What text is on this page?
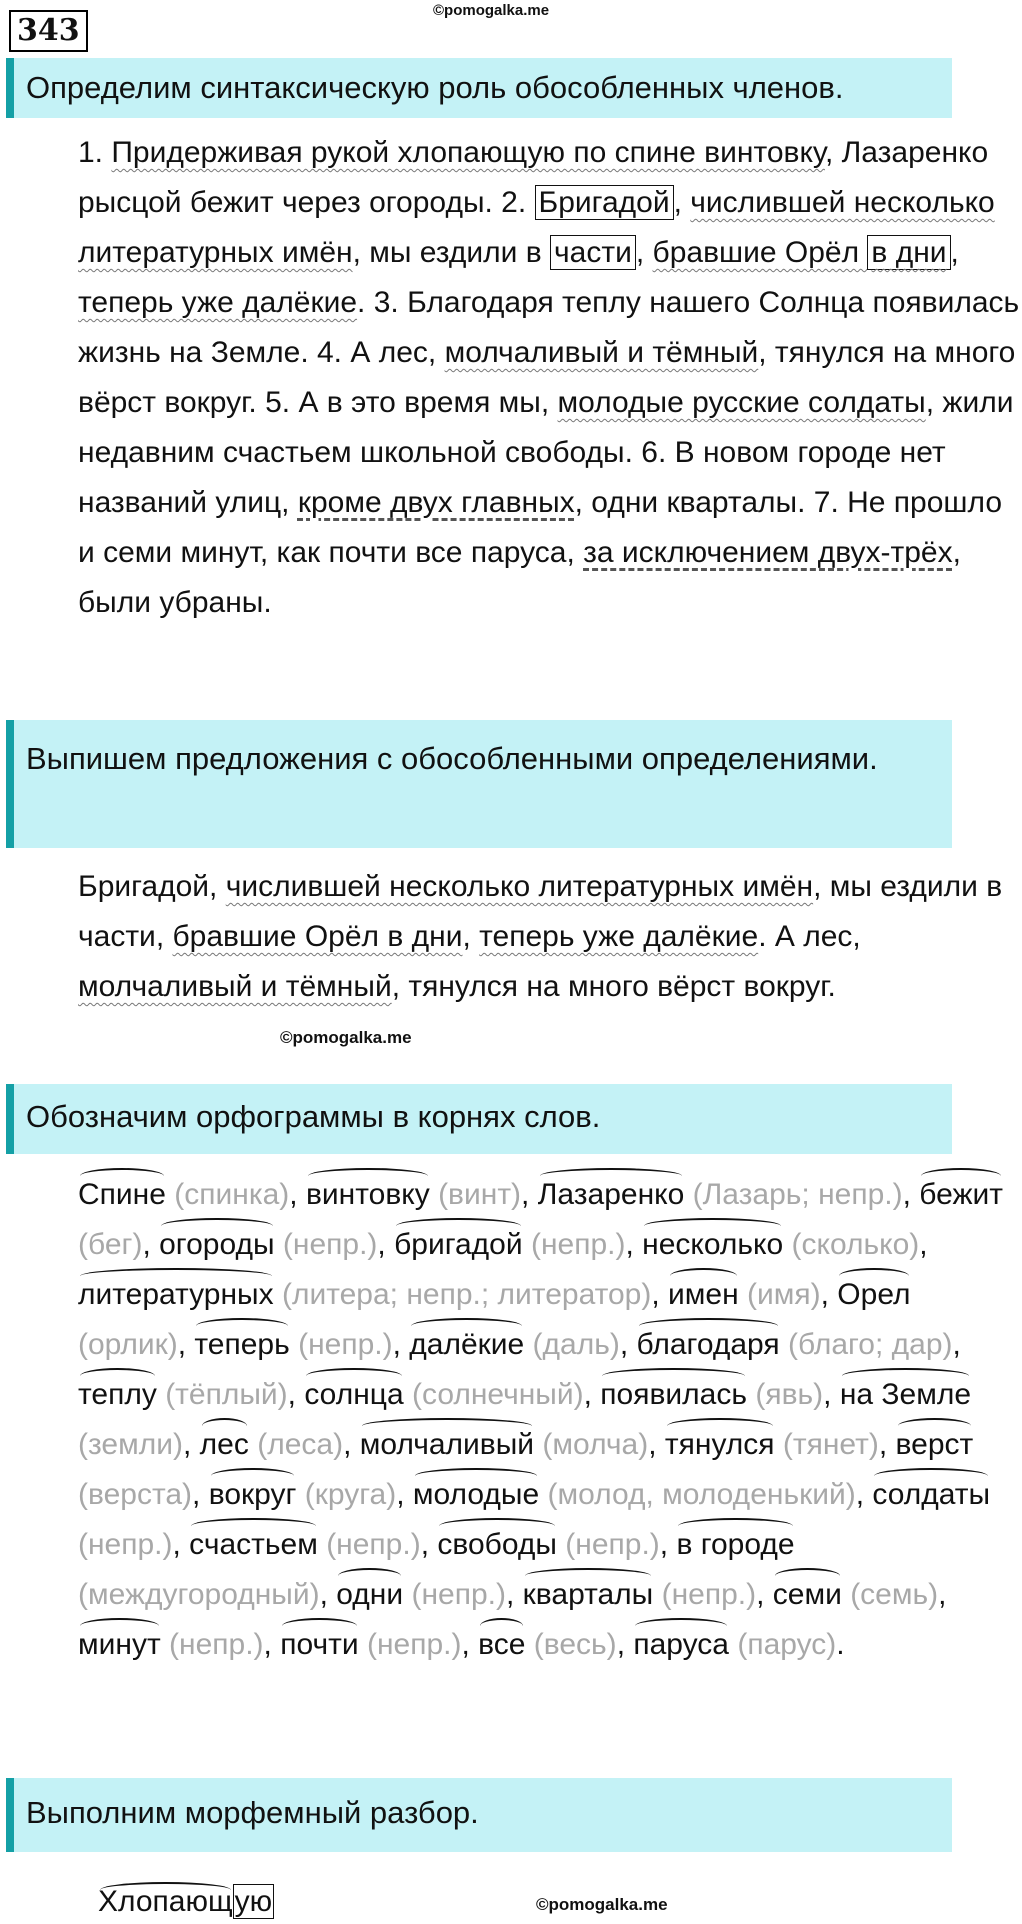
343
©pomogalka.me
Определим синтаксическую роль обособленных членов.

1. Придерживая рукой хлопающую по спине винтовку, Лазаренко рысцой бежит через огороды. 2. Бригадой , числившей несколько литературных имён, мы ездили в части , бравшие Орёл в дни , теперь уже далёкие. 3. Благодаря теплу нашего Солнца появилась жизнь на Земле. 4. А лес, молчаливый и тёмный, тянулся на много вёрст вокруг. 5. А в это время мы, молодые русские солдаты, жили недавним счастьем школьной свободы. 6. В новом городе нет названий улиц, кроме двух главных, одни кварталы. 7. Не прошло и семи минут, как почти все паруса, за исключением двух-трёх, были убраны.

Выпишем предложения с обособленными определениями.

Бригадой, числившей несколько литературных имён, мы ездили в части, бравшие Орёл в дни, теперь уже далёкие. А лес, молчаливый и тёмный, тянулся на много вёрст вокруг.

©pomogalka.me
Обозначим орфограммы в корнях слов.

Спине (спинка), винтовку (винт), Лазаренко (Лазарь; непр.), бежит (бег), огороды (непр.), бригадой (непр.), несколько (сколько), литературных (литера; непр.; литератор), имен (имя), Орел (орлик), теперь (непр.), далёкие (даль), благодаря (благо; дар), теплу (тёплый), солнца (солнечный), появилась (явь), на Земле (земли), лес (леса), молчаливый (молча), тянулся (тянет), верст (верста), вокруг (круга), молодые (молод, молоденький), солдаты (непр.), счастьем (непр.), свободы (непр.), в городе (междугородный), одни (непр.), кварталы (непр.), семи (семь), минут (непр.), почти (непр.), все (весь), паруса (парус).

Выполним морфемный разбор.
Хлопающую	©pomogalka.me
